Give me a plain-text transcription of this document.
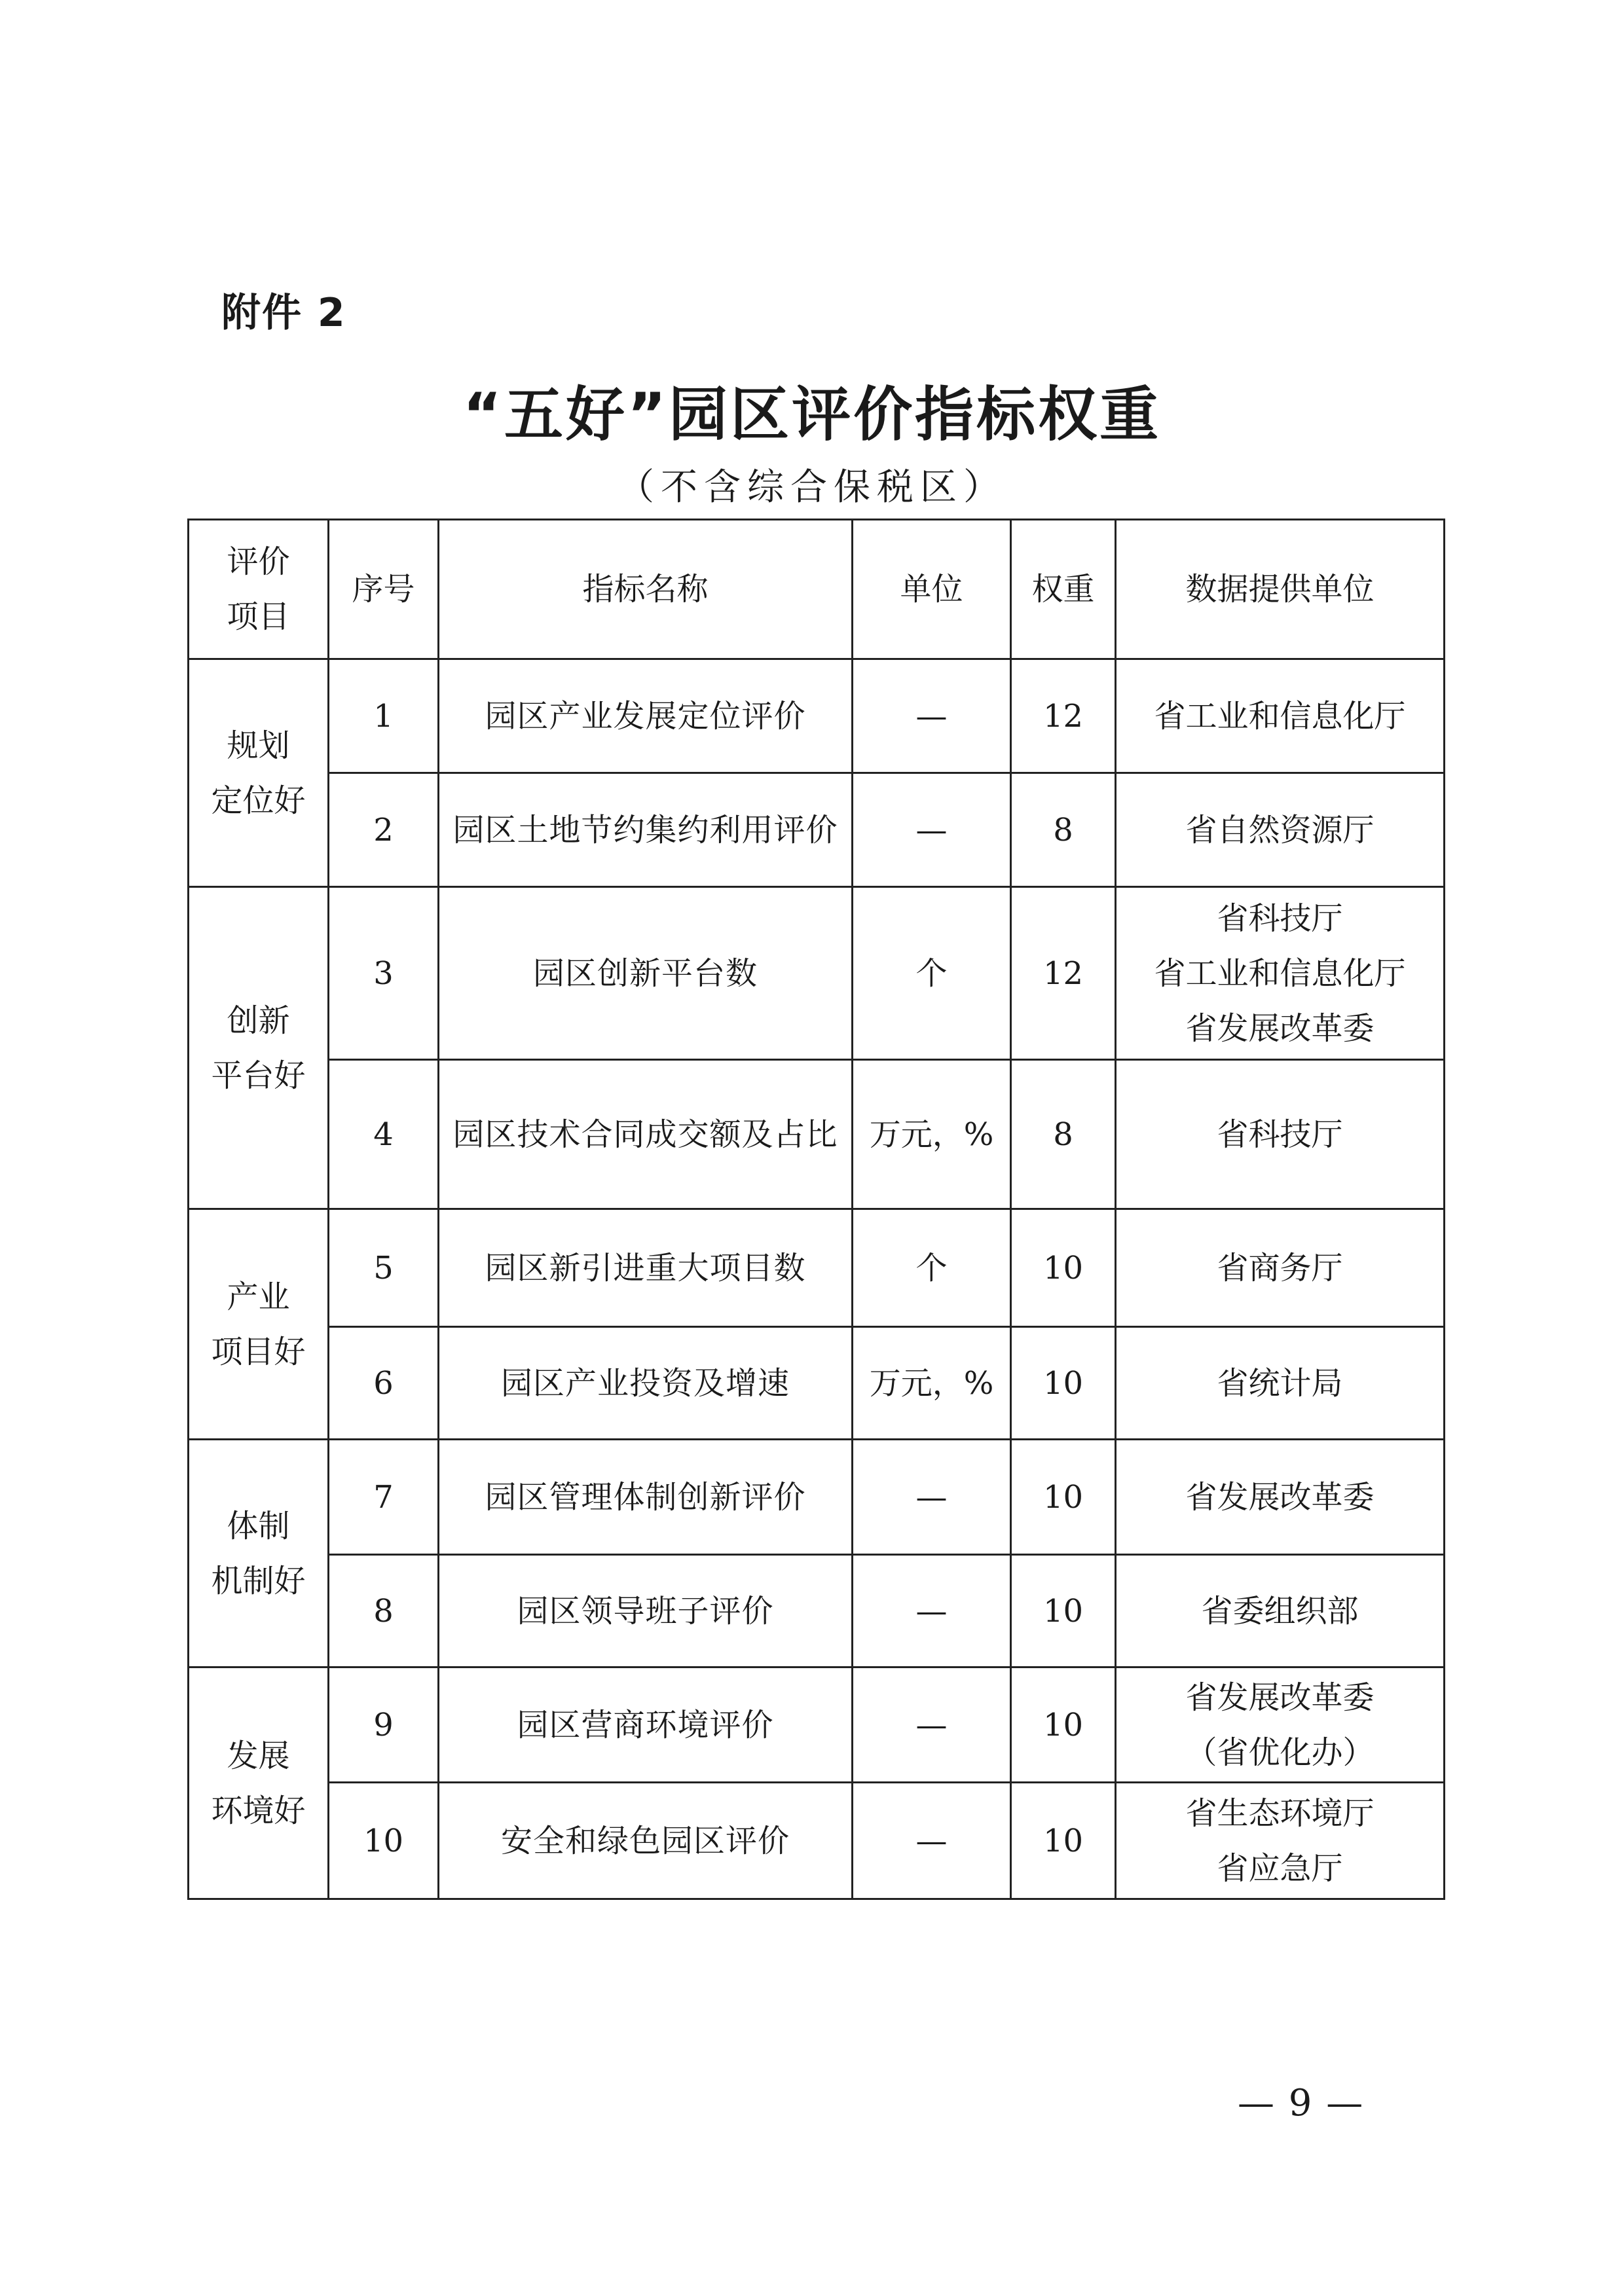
附件 2
“五好”园区评价指标权重
（不含综合保税区）
评价
项目	序号	指标名称	单位	权重	数据提供单位

规划
定位好	1	园区产业发展定位评价	—	12	省工业和信息化厅

	2	园区土地节约集约利用评价	—	8	省自然资源厅

创新
平台好	3	园区创新平台数	个	12	省科技厅
省工业和信息化厅
省发展改革委

	4	园区技术合同成交额及占比	万元，%	8	省科技厅

产业
项目好	5	园区新引进重大项目数	个	10	省商务厅

	6	园区产业投资及增速	万元，%	10	省统计局

体制
机制好	7	园区管理体制创新评价	—	10	省发展改革委

	8	园区领导班子评价	—	10	省委组织部

发展
环境好	9	园区营商环境评价	—	10	省发展改革委
（省优化办）

	10	安全和绿色园区评价	—	10	省生态环境厅
省应急厅
— 9 —
